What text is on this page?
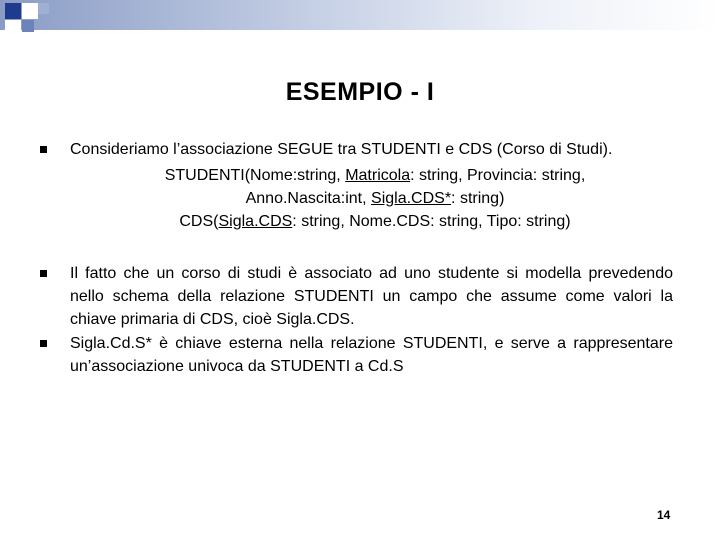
ESEMPIO - I
Consideriamo l’associazione SEGUE tra STUDENTI e CDS (Corso di Studi).
STUDENTI(Nome:string, Matricola: string, Provincia: string,
Anno.Nascita:int, Sigla.CDS*: string)
CDS(Sigla.CDS: string, Nome.CDS: string, Tipo: string)
Il fatto che un corso di studi è associato ad uno studente si modella prevedendo nello schema della relazione STUDENTI un campo che assume come valori la chiave primaria di CDS, cioè Sigla.CDS.
Sigla.Cd.S* è chiave esterna nella relazione STUDENTI, e serve a rappresentare un’associazione univoca da STUDENTI a Cd.S
14
